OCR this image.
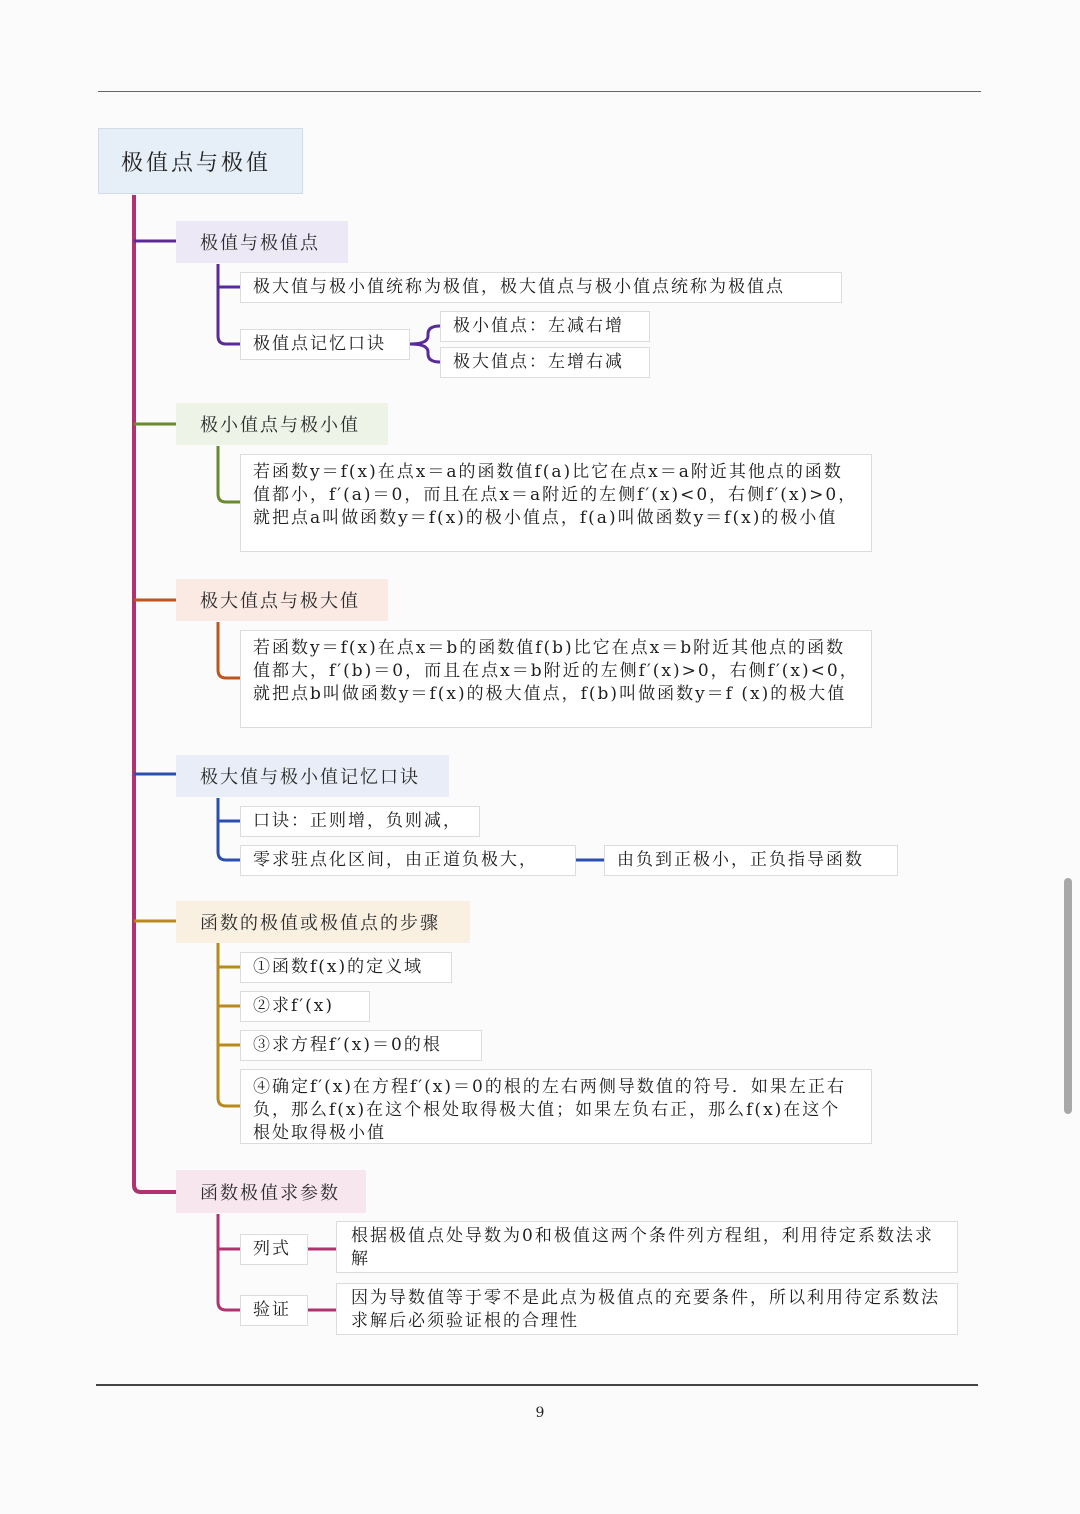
极值点与极值
极值与极值点
极大值与极小值统称为极值，极大值点与极小值点统称为极值点
极值点记忆口诀
极小值点：左减右增
极大值点：左增右减
极小值点与极小值
若函数y＝f(x)在点x＝a的函数值f(a)比它在点x＝a附近其他点的函数值都小，f′(a)＝0，而且在点x＝a附近的左侧f′(x)<0，右侧f′(x)>0，就把点a叫做函数y＝f(x)的极小值点，f(a)叫做函数y＝f(x)的极小值
极大值点与极大值
若函数y＝f(x)在点x＝b的函数值f(b)比它在点x＝b附近其他点的函数值都大，f′(b)＝0，而且在点x＝b附近的左侧f′(x)>0，右侧f′(x)<0，就把点b叫做函数y＝f(x)的极大值点，f(b)叫做函数y＝f (x)的极大值
极大值与极小值记忆口诀
口诀：正则增，负则减，
零求驻点化区间，由正道负极大，	由负到正极小，正负指导函数
函数的极值或极值点的步骤
①函数f(x)的定义域
②求f′(x)
③求方程f′(x)＝0的根
④确定f′(x)在方程f′(x)＝0的根的左右两侧导数值的符号．如果左正右负，那么f(x)在这个根处取得极大值；如果左负右正，那么f(x)在这个根处取得极小值
函数极值求参数
列式
根据极值点处导数为0和极值这两个条件列方程组，利用待定系数法求解
验证
因为导数值等于零不是此点为极值点的充要条件，所以利用待定系数法求解后必须验证根的合理性
9
